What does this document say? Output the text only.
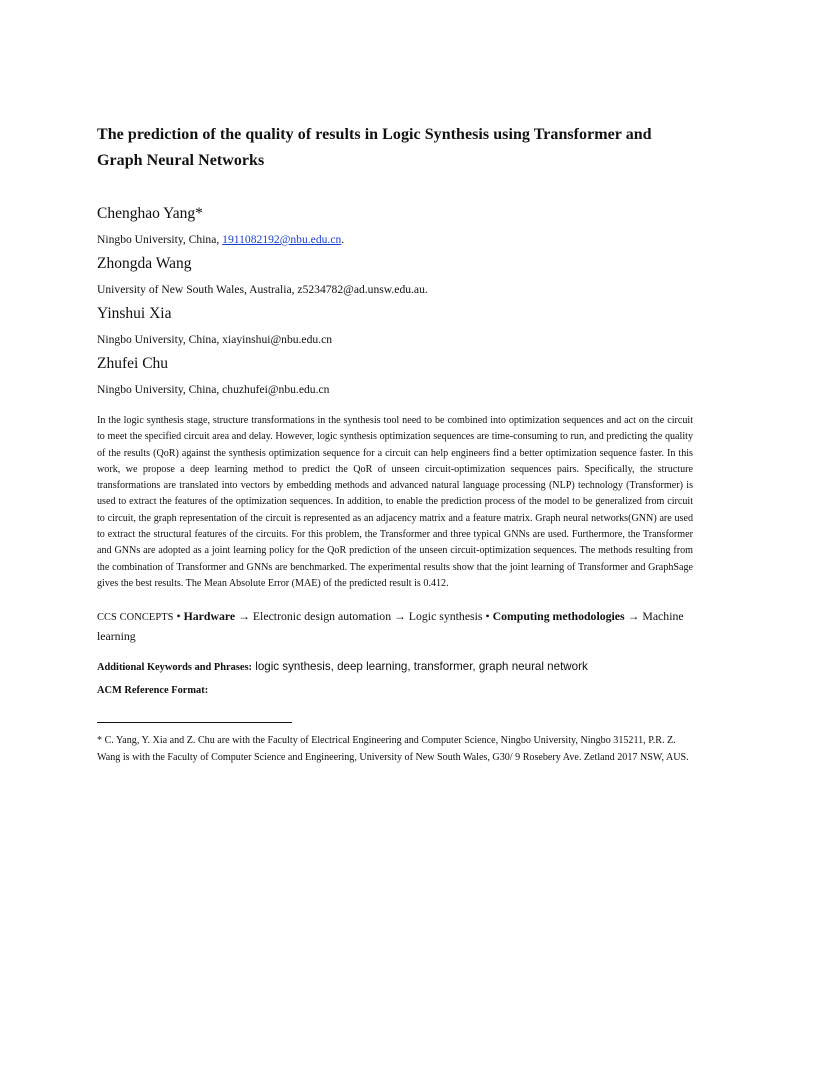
The prediction of the quality of results in Logic Synthesis using Transformer and Graph Neural Networks

Chenghao Yang*

Ningbo University, China, 1911082192@nbu.edu.cn.

Zhongda Wang

University of New South Wales, Australia, z5234782@ad.unsw.edu.au.

Yinshui Xia

Ningbo University, China, xiayinshui@nbu.edu.cn

Zhufei Chu

Ningbo University, China, chuzhufei@nbu.edu.cn

In the logic synthesis stage, structure transformations in the synthesis tool need to be combined into optimization sequences and act on the circuit to meet the specified circuit area and delay. However, logic synthesis optimization sequences are time-consuming to run, and predicting the quality of the results (QoR) against the synthesis optimization sequence for a circuit can help engineers find a better optimization sequence faster. In this work, we propose a deep learning method to predict the QoR of unseen circuit-optimization sequences pairs. Specifically, the structure transformations are translated into vectors by embedding methods and advanced natural language processing (NLP) technology (Transformer) is used to extract the features of the optimization sequences. In addition, to enable the prediction process of the model to be generalized from circuit to circuit, the graph representation of the circuit is represented as an adjacency matrix and a feature matrix. Graph neural networks(GNN) are used to extract the structural features of the circuits. For this problem, the Transformer and three typical GNNs are used. Furthermore, the Transformer and GNNs are adopted as a joint learning policy for the QoR prediction of the unseen circuit-optimization sequences. The methods resulting from the combination of Transformer and GNNs are benchmarked. The experimental results show that the joint learning of Transformer and GraphSage gives the best results. The Mean Absolute Error (MAE) of the predicted result is 0.412.

CCS CONCEPTS • Hardware → Electronic design automation → Logic synthesis • Computing methodologies → Machine learning
Additional Keywords and Phrases: logic synthesis, deep learning, transformer, graph neural network
ACM Reference Format:

* C. Yang, Y. Xia and Z. Chu are with the Faculty of Electrical Engineering and Computer Science, Ningbo University, Ningbo 315211, P.R. Z. Wang is with the Faculty of Computer Science and Engineering, University of New South Wales, G30/ 9 Rosebery Ave. Zetland 2017 NSW, AUS.
